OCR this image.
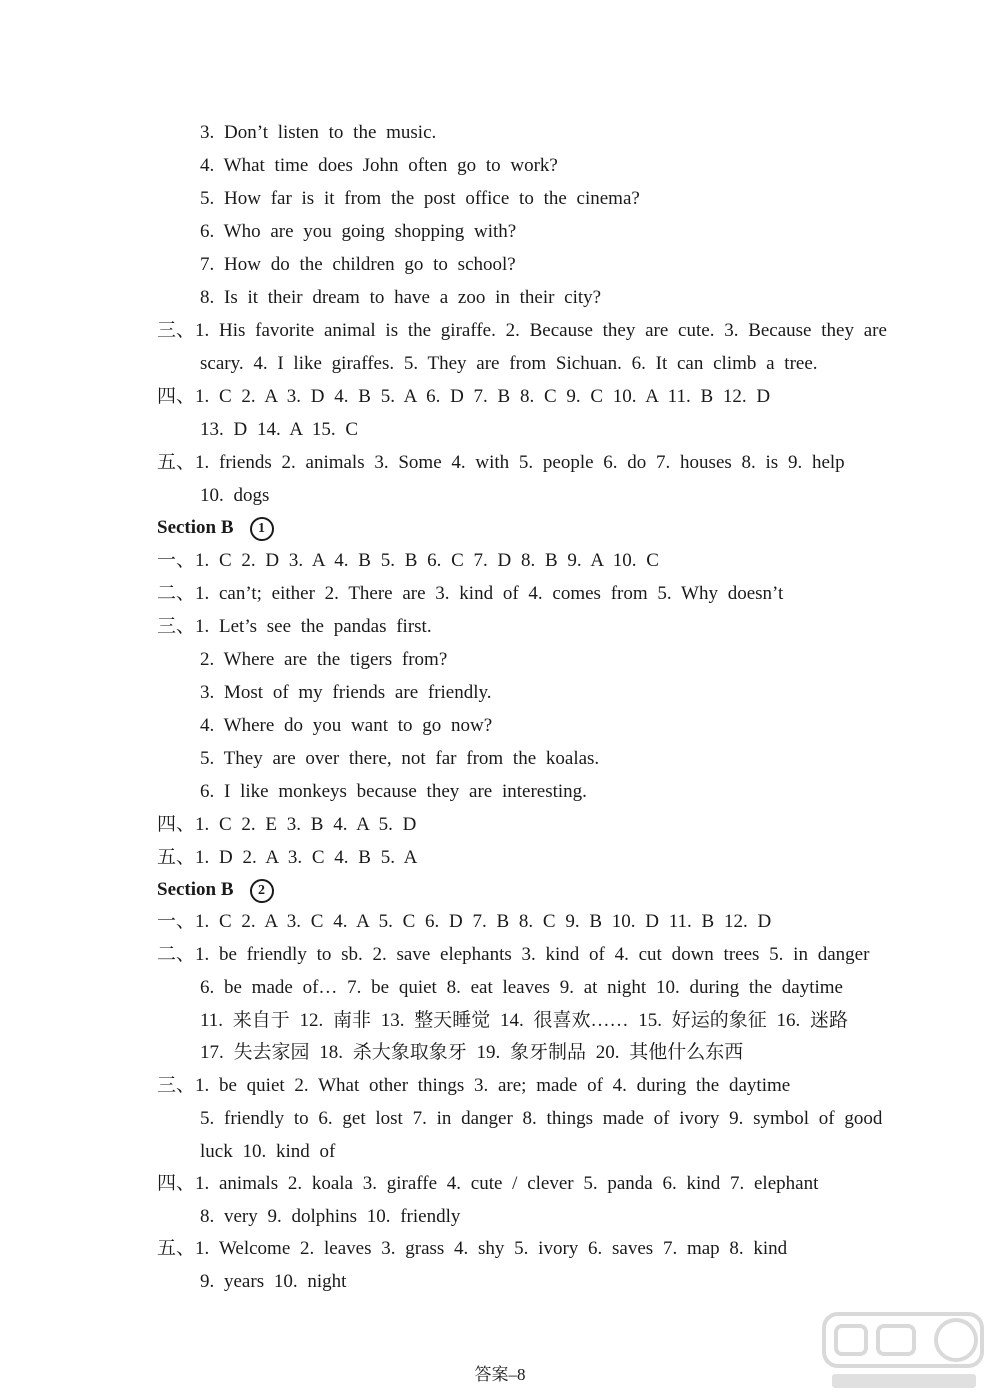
3. Don’t listen to the music.
4. What time does John often go to work?
5. How far is it from the post office to the cinema?
6. Who are you going shopping with?
7. How do the children go to school?
8. Is it their dream to have a zoo in their city?
三、1. His favorite animal is the giraffe. 2. Because they are cute. 3. Because they are
scary. 4. I like giraffes. 5. They are from Sichuan. 6. It can climb a tree.
四、1. C 2. A 3. D 4. B 5. A 6. D 7. B 8. C 9. C 10. A 11. B 12. D
13. D 14. A 15. C
五、1. friends 2. animals 3. Some 4. with 5. people 6. do 7. houses 8. is 9. help
10. dogs
Section B 1
一、1. C 2. D 3. A 4. B 5. B 6. C 7. D 8. B 9. A 10. C
二、1. can’t; either 2. There are 3. kind of 4. comes from 5. Why doesn’t
三、1. Let’s see the pandas first.
2. Where are the tigers from?
3. Most of my friends are friendly.
4. Where do you want to go now?
5. They are over there, not far from the koalas.
6. I like monkeys because they are interesting.
四、1. C 2. E 3. B 4. A 5. D
五、1. D 2. A 3. C 4. B 5. A
Section B 2
一、1. C 2. A 3. C 4. A 5. C 6. D 7. B 8. C 9. B 10. D 11. B 12. D
二、1. be friendly to sb. 2. save elephants 3. kind of 4. cut down trees 5. in danger
6. be made of… 7. be quiet 8. eat leaves 9. at night 10. during the daytime
11. 来自于 12. 南非 13. 整天睡觉 14. 很喜欢…… 15. 好运的象征 16. 迷路
17. 失去家园 18. 杀大象取象牙 19. 象牙制品 20. 其他什么东西
三、1. be quiet 2. What other things 3. are; made of 4. during the daytime
5. friendly to 6. get lost 7. in danger 8. things made of ivory 9. symbol of good
luck 10. kind of
四、1. animals 2. koala 3. giraffe 4. cute / clever 5. panda 6. kind 7. elephant
8. very 9. dolphins 10. friendly
五、1. Welcome 2. leaves 3. grass 4. shy 5. ivory 6. saves 7. map 8. kind
9. years 10. night
答案–8
